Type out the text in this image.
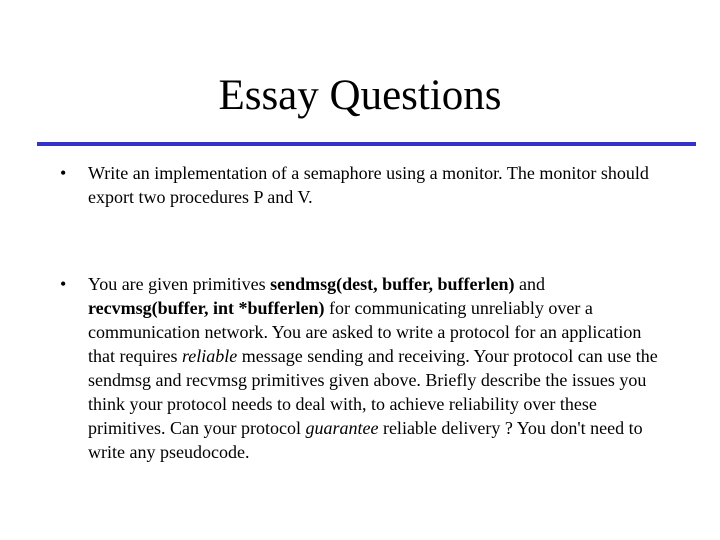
Essay Questions
• Write an implementation of a semaphore using a monitor. The monitor should export two procedures P and V.
• You are given primitives sendmsg(dest, buffer, bufferlen) and recvmsg(buffer, int *bufferlen) for communicating unreliably over a communication network. You are asked to write a protocol for an application that requires reliable message sending and receiving. Your protocol can use the sendmsg and recvmsg primitives given above. Briefly describe the issues you think your protocol needs to deal with, to achieve reliability over these primitives. Can your protocol guarantee reliable delivery ? You don't need to write any pseudocode.
